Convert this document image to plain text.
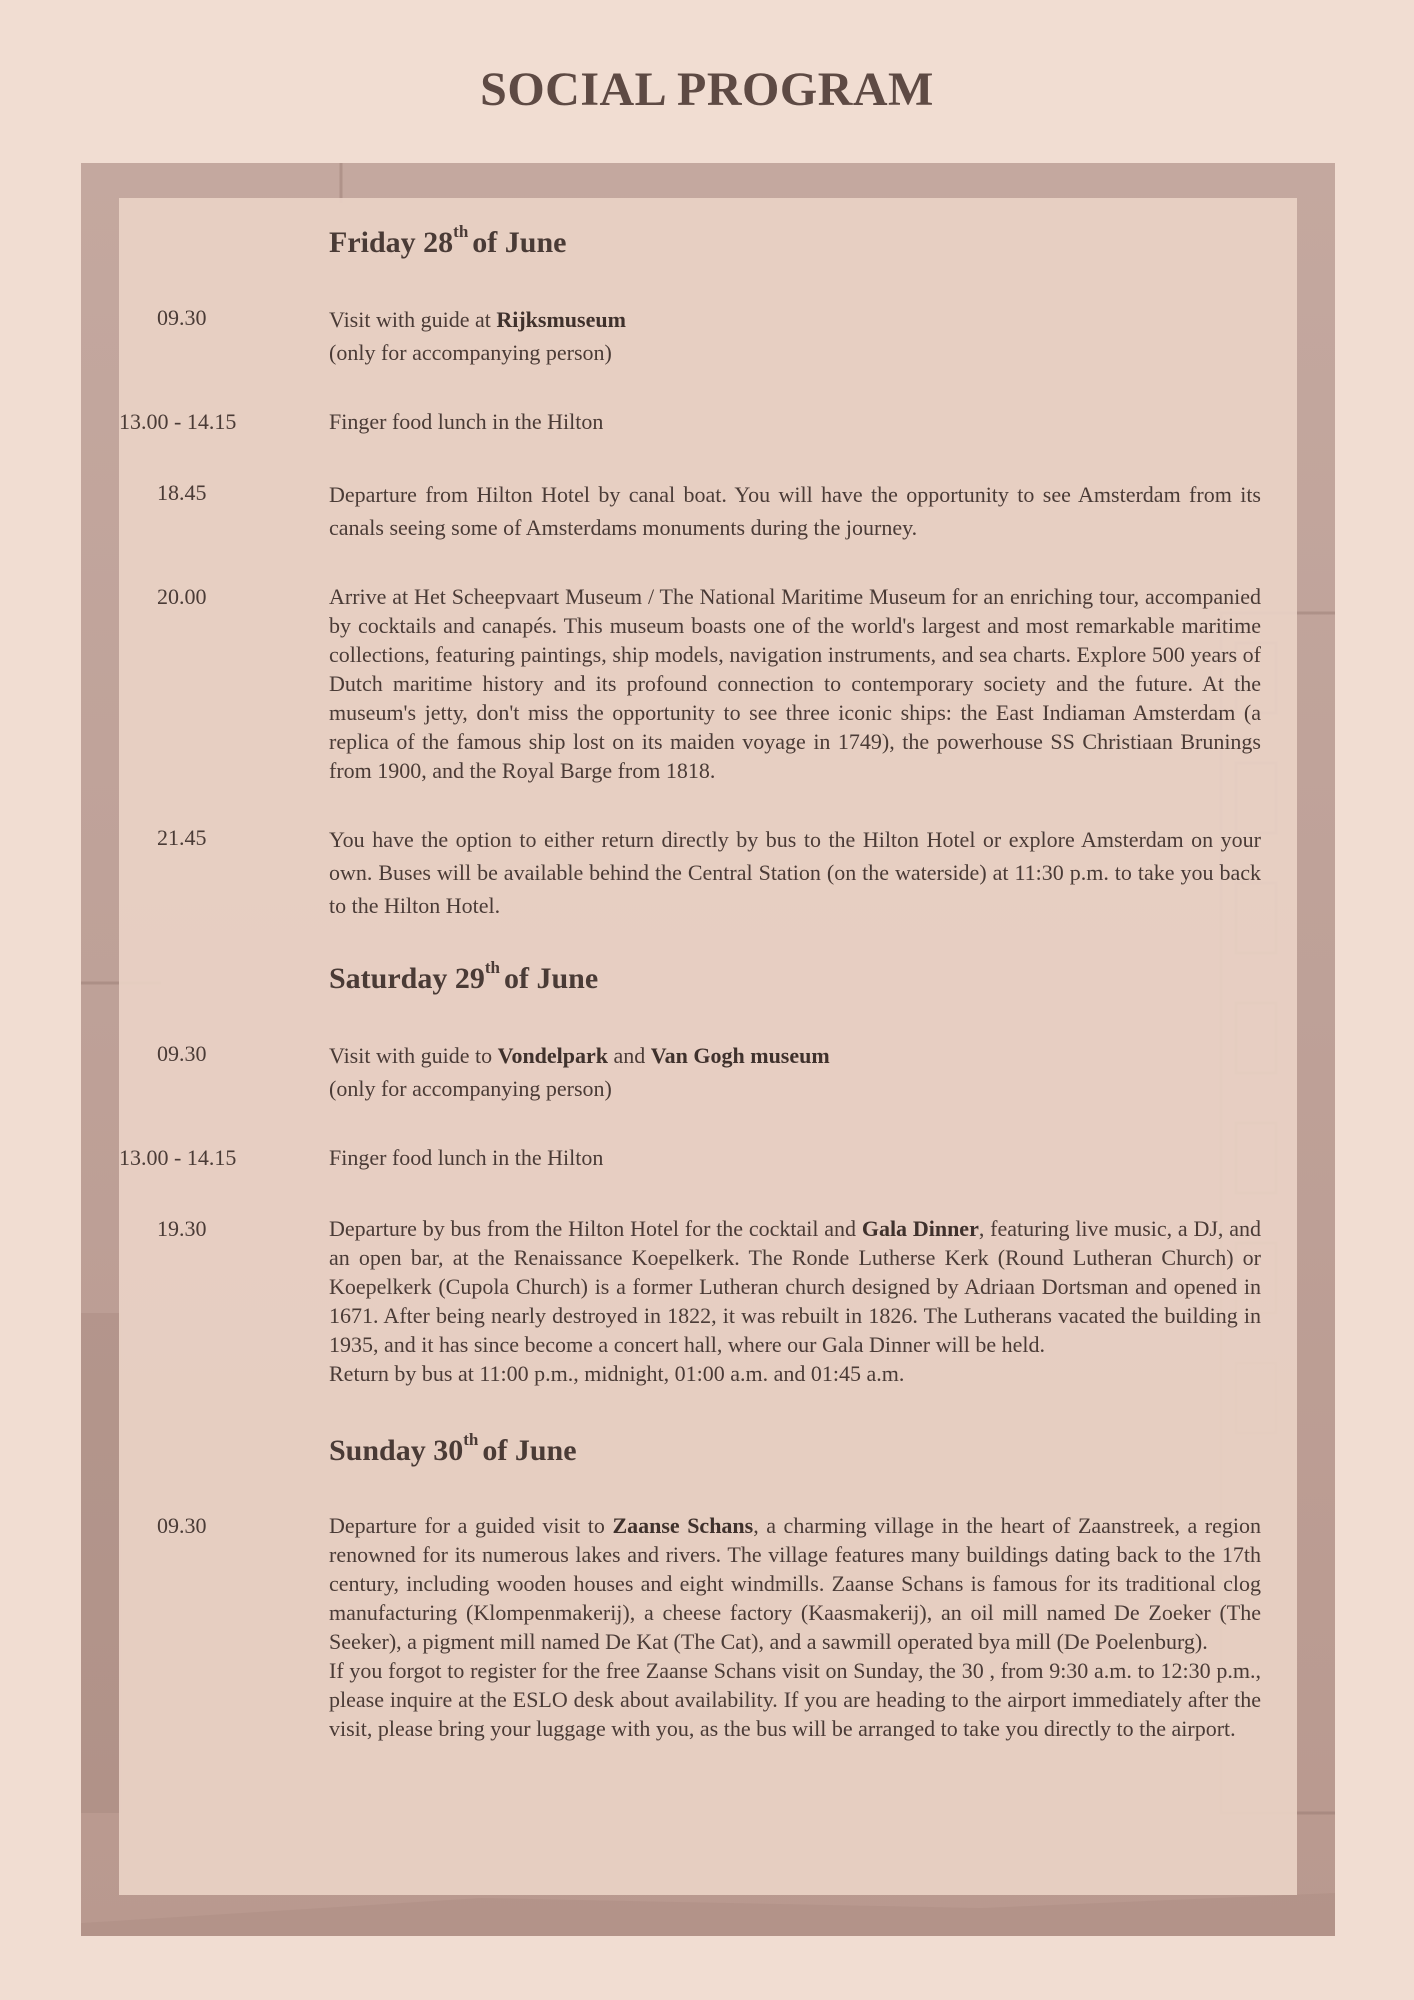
SOCIAL PROGRAM
Friday 28th of June
09.30	Visit with guide at Rijksmuseum
(only for accompanying person)
13.00 - 14.15	Finger food lunch in the Hilton
18.45	Departure from Hilton Hotel by canal boat. You will have the opportunity to see Amsterdam from its canals seeing some of Amsterdams monuments during the journey.
20.00	Arrive at Het Scheepvaart Museum / The National Maritime Museum for an enriching tour, accompanied by cocktails and canapés. This museum boasts one of the world's largest and most remarkable maritime collections, featuring paintings, ship models, navigation instruments, and sea charts. Explore 500 years of Dutch maritime history and its profound connection to contemporary society and the future. At the museum's jetty, don't miss the opportunity to see three iconic ships: the East Indiaman Amsterdam (a replica of the famous ship lost on its maiden voyage in 1749), the powerhouse SS Christiaan Brunings from 1900, and the Royal Barge from 1818.
21.45	You have the option to either return directly by bus to the Hilton Hotel or explore Amsterdam on your own. Buses will be available behind the Central Station (on the waterside) at 11:30 p.m. to take you back to the Hilton Hotel.
Saturday 29th of June
09.30	Visit with guide to Vondelpark and Van Gogh museum
(only for accompanying person)
13.00 - 14.15	Finger food lunch in the Hilton
19.30	Departure by bus from the Hilton Hotel for the cocktail and Gala Dinner, featuring live music, a DJ, and an open bar, at the Renaissance Koepelkerk. The Ronde Lutherse Kerk (Round Lutheran Church) or Koepelkerk (Cupola Church) is a former Lutheran church designed by Adriaan Dortsman and opened in 1671. After being nearly destroyed in 1822, it was rebuilt in 1826. The Lutherans vacated the building in 1935, and it has since become a concert hall, where our Gala Dinner will be held.
Return by bus at 11:00 p.m., midnight, 01:00 a.m. and 01:45 a.m.
Sunday 30th of June
09.30	Departure for a guided visit to Zaanse Schans, a charming village in the heart of Zaanstreek, a region renowned for its numerous lakes and rivers. The village features many buildings dating back to the 17th century, including wooden houses and eight windmills. Zaanse Schans is famous for its traditional clog manufacturing (Klompenmakerij), a cheese factory (Kaasmakerij), an oil mill named De Zoeker (The Seeker), a pigment mill named De Kat (The Cat), and a sawmill operated bya mill (De Poelenburg).
If you forgot to register for the free Zaanse Schans visit on Sunday, the 30 , from 9:30 a.m. to 12:30 p.m., please inquire at the ESLO desk about availability. If you are heading to the airport immediately after the visit, please bring your luggage with you, as the bus will be arranged to take you directly to the airport.
